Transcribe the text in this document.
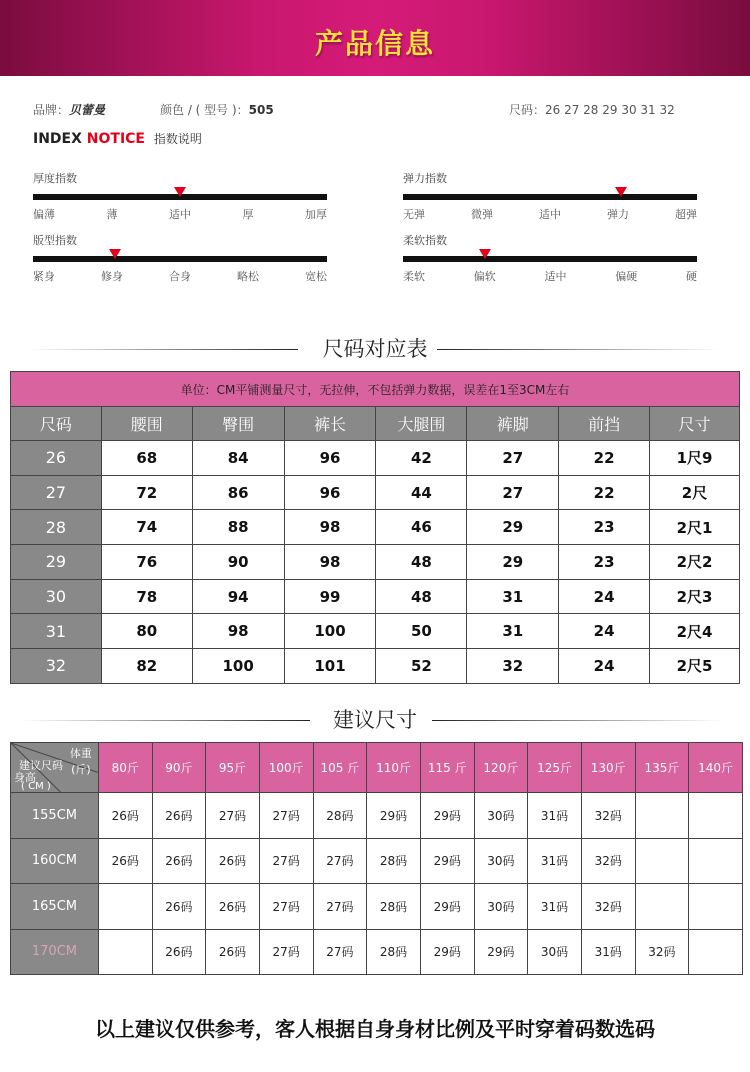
产品信息
品牌：贝蕾曼	颜色 / ( 型号 )：505	尺码：26 27 28 29 30 31 32
INDEX NOTICE 指数说明
厚度指数
偏薄	薄	适中	厚	加厚
弹力指数
无弹	微弹	适中	弹力	超弹
版型指数
紧身	修身	合身	略松	宽松
柔软指数
柔软	偏软	适中	偏硬	硬
尺码对应表
单位：CM平铺测量尺寸，无拉伸，不包括弹力数据，误差在1至3CM左右							
尺码	腰围	臀围	裤长	大腿围	裤脚	前挡	尺寸
26	68	84	96	42	27	22	1尺9
27	72	86	96	44	27	22	2尺
28	74	88	98	46	29	23	2尺1
29	76	90	98	48	29	23	2尺2
30	78	94	99	48	31	24	2尺3
31	80	98	100	50	31	24	2尺4
32	82	100	101	52	32	24	2尺5
建议尺寸
体重
(斤)
建议尺码
身高
( CM )	80斤	90斤	95斤	100斤	105 斤	110斤	115 斤	120斤	125斤	130斤	135斤	140斤
155CM	26码	26码	27码	27码	28码	29码	29码	30码	31码	32码		
160CM	26码	26码	26码	27码	27码	28码	29码	30码	31码	32码		
165CM		26码	26码	27码	27码	28码	29码	30码	31码	32码		
170CM		26码	26码	27码	27码	28码	29码	29码	30码	31码	32码	
以上建议仅供参考，客人根据自身身材比例及平时穿着码数选码
